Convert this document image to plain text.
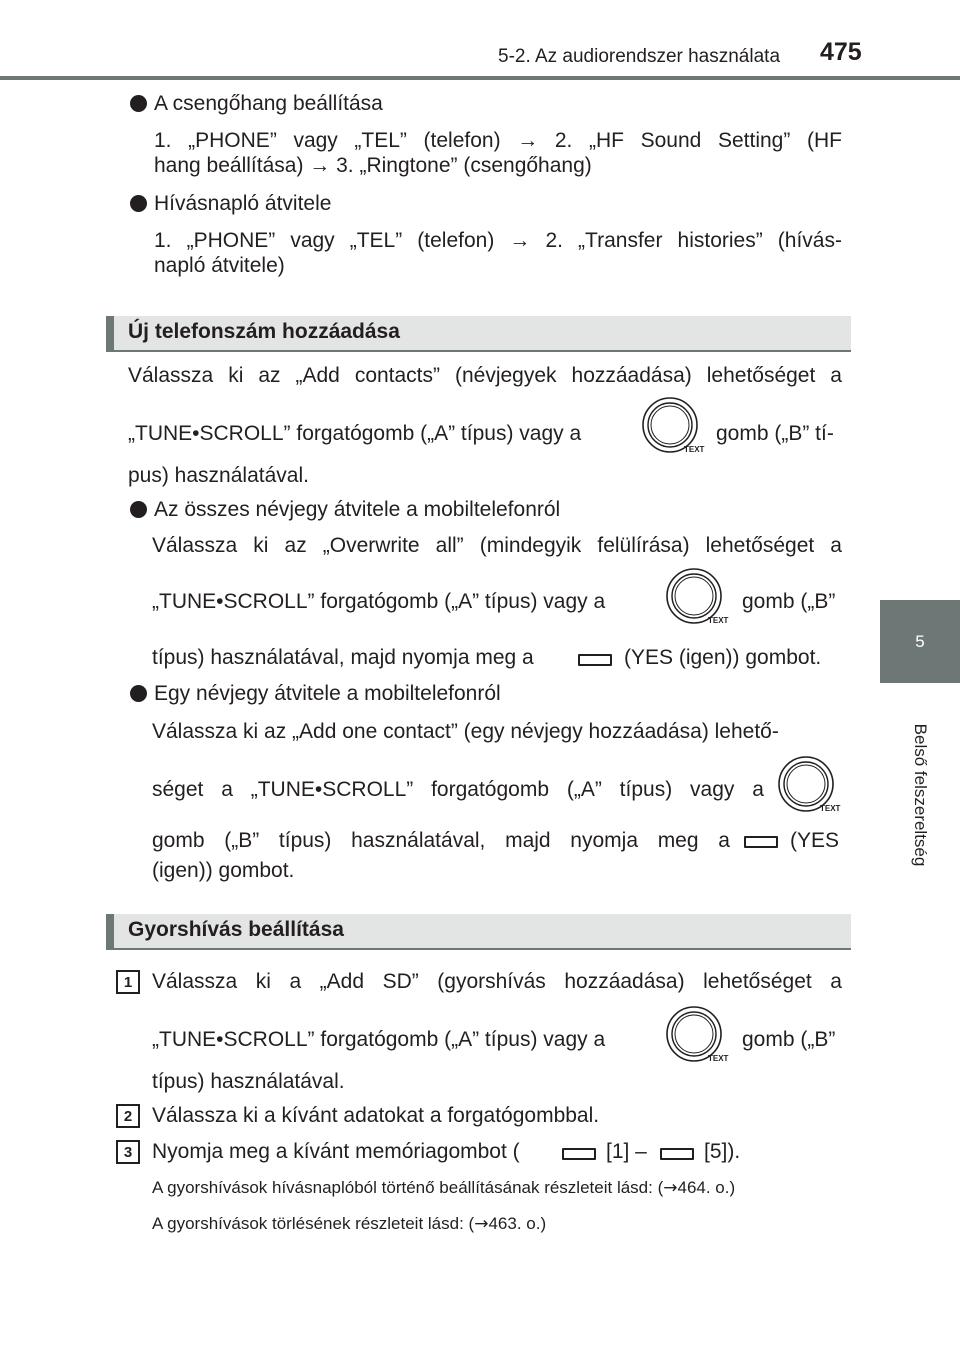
5-2. Az audiorendszer használata 475
5
Belső felszereltség
A csengőhang beállítása
1. „PHONE” vagy „TEL” (telefon) → 2. „HF Sound Setting” (HF
hang beállítása) → 3. „Ringtone” (csengőhang)
Hívásnapló átvitele
1. „PHONE” vagy „TEL” (telefon) → 2. „Transfer histories” (hívás-
napló átvitele)
Új telefonszám hozzáadása
Válassza ki az „Add contacts” (névjegyek hozzáadása) lehetőséget a
„TUNE•SCROLL” forgatógomb („A” típus) vagy a
TEXT
gomb („B” tí-
pus) használatával.
Az összes névjegy átvitele a mobiltelefonról
Válassza ki az „Overwrite all” (mindegyik felülírása) lehetőséget a
„TUNE•SCROLL” forgatógomb („A” típus) vagy a
TEXT
gomb („B”
típus) használatával, majd nyomja meg a	(YES (igen)) gombot.
Egy névjegy átvitele a mobiltelefonról
Válassza ki az „Add one contact” (egy névjegy hozzáadása) lehető-
séget a „TUNE•SCROLL” forgatógomb („A” típus) vagy a
TEXT
gomb („B” típus) használatával, majd nyomja meg a	(YES
(igen)) gombot.
Gyorshívás beállítása
1 Válassza ki a „Add SD” (gyorshívás hozzáadása) lehetőséget a
„TUNE•SCROLL” forgatógomb („A” típus) vagy a
TEXT
gomb („B”
típus) használatával.
2 Válassza ki a kívánt adatokat a forgatógombbal.
3 Nyomja meg a kívánt memóriagombot (	[1] –	[5]).
A gyorshívások hívásnaplóból történő beállításának részleteit lásd: (→464. o.)
A gyorshívások törlésének részleteit lásd: (→463. o.)
